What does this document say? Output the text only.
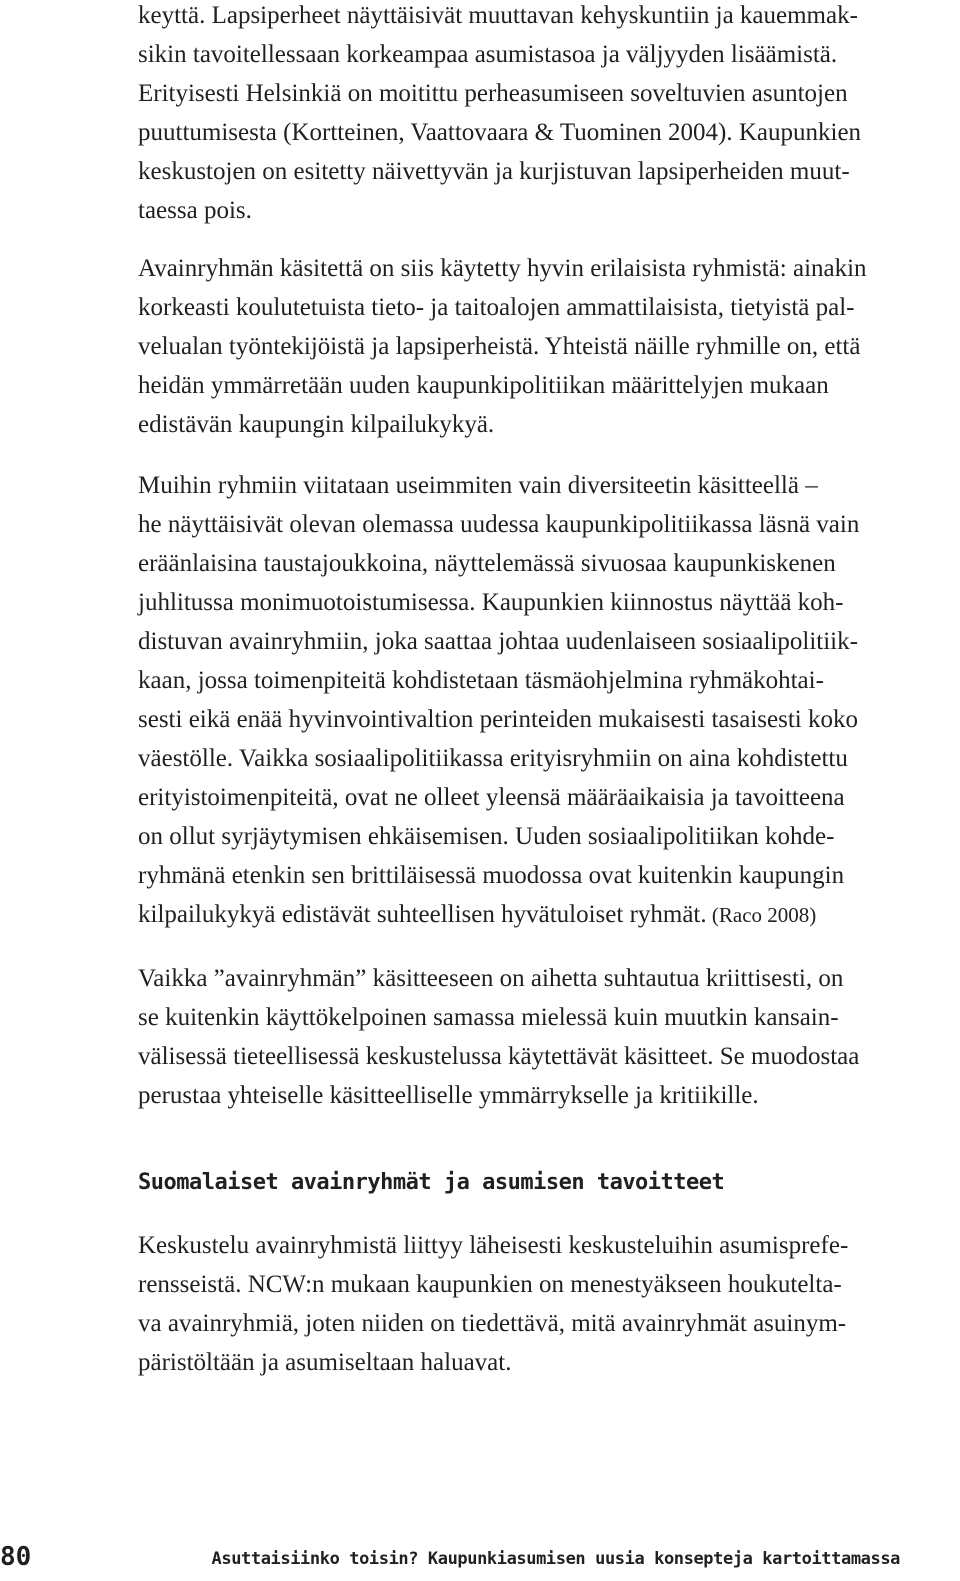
keyttä. Lapsiperheet näyttäisivät muuttavan kehyskuntiin ja kauemmak-
sikin tavoitellessaan korkeampaa asumistasoa ja väljyyden lisäämistä.
Erityisesti Helsinkiä on moitittu perheasumiseen soveltuvien asuntojen
puuttumisesta (Kortteinen, Vaattovaara & Tuominen 2004). Kaupunkien
keskustojen on esitetty näivettyvän ja kurjistuvan lapsiperheiden muut-
taessa pois.

Avainryhmän käsitettä on siis käytetty hyvin erilaisista ryhmistä: ainakin
korkeasti koulutetuista tieto- ja taitoalojen ammattilaisista, tietyistä pal-
velualan työntekijöistä ja lapsiperheistä. Yhteistä näille ryhmille on, että
heidän ymmärretään uuden kaupunkipolitiikan määrittelyjen mukaan
edistävän kaupungin kilpailukykyä.

Muihin ryhmiin viitataan useimmiten vain diversiteetin käsitteellä –
he näyttäisivät olevan olemassa uudessa kaupunkipolitiikassa läsnä vain
eräänlaisina taustajoukkoina, näyttelemässä sivuosaa kaupunkiskenen
juhlitussa monimuotoistumisessa. Kaupunkien kiinnostus näyttää koh-
distuvan avainryhmiin, joka saattaa johtaa uudenlaiseen sosiaalipolitiik-
kaan, jossa toimenpiteitä kohdistetaan täsmäohjelmina ryhmäkohtai-
sesti eikä enää hyvinvointivaltion perinteiden mukaisesti tasaisesti koko
väestölle. Vaikka sosiaalipolitiikassa erityisryhmiin on aina kohdistettu
erityistoimenpiteitä, ovat ne olleet yleensä määräaikaisia ja tavoitteena
on ollut syrjäytymisen ehkäisemisen. Uuden sosiaalipolitiikan kohde-
ryhmänä etenkin sen brittiläisessä muodossa ovat kuitenkin kaupungin
kilpailukykyä edistävät suhteellisen hyvätuloiset ryhmät. (Raco 2008)

Vaikka ”avainryhmän” käsitteeseen on aihetta suhtautua kriittisesti, on
se kuitenkin käyttökelpoinen samassa mielessä kuin muutkin kansain-
välisessä tieteellisessä keskustelussa käytettävät käsitteet. Se muodostaa
perustaa yhteiselle käsitteelliselle ymmärrykselle ja kritiikille.

Keskustelu avainryhmistä liittyy läheisesti keskusteluihin asumisprefe-
rensseistä. NCW:n mukaan kaupunkien on menestyäkseen houkutelta-
va avainryhmiä, joten niiden on tiedettävä, mitä avainryhmät asuinym-
päristöltään ja asumiseltaan haluavat.

Suomalaiset avainryhmät ja asumisen tavoitteet
80	Asuttaisiinko toisin? Kaupunkiasumisen uusia konsepteja kartoittamassa
